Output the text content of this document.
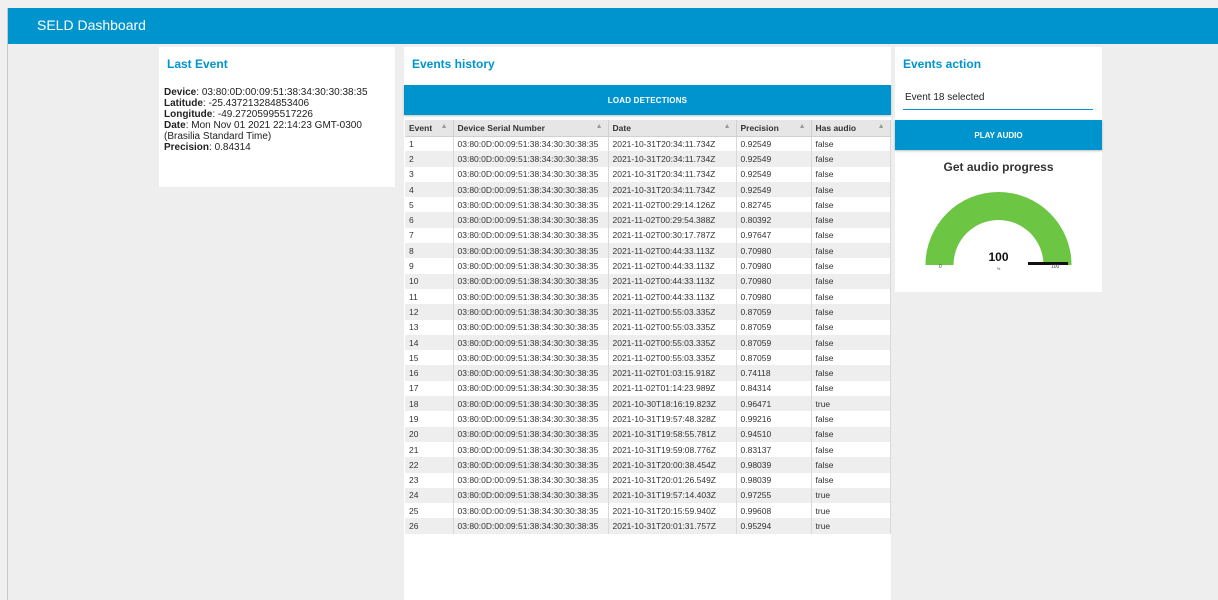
SELD Dashboard
Last Event
Device: 03:80:0D:00:09:51:38:34:30:30:38:35
Latitude: -25.437213284853406
Longitude: -49.27205995517226
Date: Mon Nov 01 2021 22:14:23 GMT-0300 (Brasilia Standard Time)
Precision: 0.84314
Events history
LOAD DETECTIONS
Event ▲	Device Serial Number ▲	Date ▲	Precision ▲	Has audio ▲

1	03:80:0D:00:09:51:38:34:30:30:38:35	2021-10-31T20:34:11.734Z	0.92549	false
2	03:80:0D:00:09:51:38:34:30:30:38:35	2021-10-31T20:34:11.734Z	0.92549	false
3	03:80:0D:00:09:51:38:34:30:30:38:35	2021-10-31T20:34:11.734Z	0.92549	false
4	03:80:0D:00:09:51:38:34:30:30:38:35	2021-10-31T20:34:11.734Z	0.92549	false
5	03:80:0D:00:09:51:38:34:30:30:38:35	2021-11-02T00:29:14.126Z	0.82745	false
6	03:80:0D:00:09:51:38:34:30:30:38:35	2021-11-02T00:29:54.388Z	0.80392	false
7	03:80:0D:00:09:51:38:34:30:30:38:35	2021-11-02T00:30:17.787Z	0.97647	false
8	03:80:0D:00:09:51:38:34:30:30:38:35	2021-11-02T00:44:33.113Z	0.70980	false
9	03:80:0D:00:09:51:38:34:30:30:38:35	2021-11-02T00:44:33.113Z	0.70980	false
10	03:80:0D:00:09:51:38:34:30:30:38:35	2021-11-02T00:44:33.113Z	0.70980	false
11	03:80:0D:00:09:51:38:34:30:30:38:35	2021-11-02T00:44:33.113Z	0.70980	false
12	03:80:0D:00:09:51:38:34:30:30:38:35	2021-11-02T00:55:03.335Z	0.87059	false
13	03:80:0D:00:09:51:38:34:30:30:38:35	2021-11-02T00:55:03.335Z	0.87059	false
14	03:80:0D:00:09:51:38:34:30:30:38:35	2021-11-02T00:55:03.335Z	0.87059	false
15	03:80:0D:00:09:51:38:34:30:30:38:35	2021-11-02T00:55:03.335Z	0.87059	false
16	03:80:0D:00:09:51:38:34:30:30:38:35	2021-11-02T01:03:15.918Z	0.74118	false
17	03:80:0D:00:09:51:38:34:30:30:38:35	2021-11-02T01:14:23.989Z	0.84314	false
18	03:80:0D:00:09:51:38:34:30:30:38:35	2021-10-30T18:16:19.823Z	0.96471	true
19	03:80:0D:00:09:51:38:34:30:30:38:35	2021-10-31T19:57:48.328Z	0.99216	false
20	03:80:0D:00:09:51:38:34:30:30:38:35	2021-10-31T19:58:55.781Z	0.94510	false
21	03:80:0D:00:09:51:38:34:30:30:38:35	2021-10-31T19:59:08.776Z	0.83137	false
22	03:80:0D:00:09:51:38:34:30:30:38:35	2021-10-31T20:00:38.454Z	0.98039	false
23	03:80:0D:00:09:51:38:34:30:30:38:35	2021-10-31T20:01:26.549Z	0.98039	false
24	03:80:0D:00:09:51:38:34:30:30:38:35	2021-10-31T19:57:14.403Z	0.97255	true
25	03:80:0D:00:09:51:38:34:30:30:38:35	2021-10-31T20:15:59.940Z	0.99608	true
26	03:80:0D:00:09:51:38:34:30:30:38:35	2021-10-31T20:01:31.757Z	0.95294	true
Events action
Event 18 selected
PLAY AUDIO
Get audio progress
100
%
0	100
